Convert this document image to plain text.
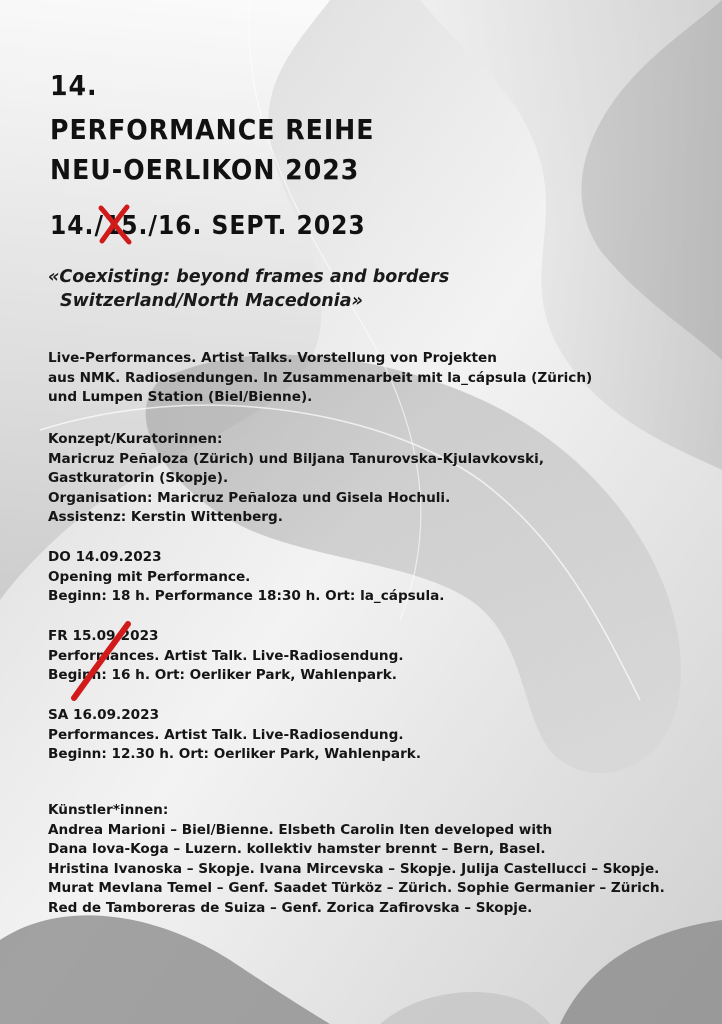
14.
PERFORMANCE REIHE
NEU-OERLIKON 2023
14./15
./16. SEPT. 2023
«Coexisting: beyond frames and borders
Switzerland/North Macedonia»
Live-Performances. Artist Talks. Vorstellung von Projekten
aus NMK. Radiosendungen. In Zusammenarbeit mit la_cápsula (Zürich)
und Lumpen Station (Biel/Bienne).
Konzept/Kuratorinnen:
Maricruz Peñaloza (Zürich) und Biljana Tanurovska-Kjulavkovski,
Gastkuratorin (Skopje).
Organisation: Maricruz Peñaloza und Gisela Hochuli.
Assistenz: Kerstin Wittenberg.
DO 14.09.2023
Opening mit Performance.
Beginn: 18 h. Performance 18:30 h. Ort: la_cápsula.
FR 15.09.2023
Performances. Artist Talk. Live-Radiosendung.
Beginn: 16 h. Ort: Oerliker Park, Wahlenpark.
SA 16.09.2023
Performances. Artist Talk. Live-Radiosendung.
Beginn: 12.30 h. Ort: Oerliker Park, Wahlenpark.
Künstler*innen:
Andrea Marioni – Biel/Bienne. Elsbeth Carolin Iten developed with
Dana Iova-Koga – Luzern. kollektiv hamster brennt – Bern, Basel.
Hristina Ivanoska – Skopje. Ivana Mircevska – Skopje. Julija Castellucci – Skopje.
Murat Mevlana Temel – Genf. Saadet Türköz – Zürich. Sophie Germanier – Zürich.
Red de Tamboreras de Suiza – Genf. Zorica Zafirovska – Skopje.
